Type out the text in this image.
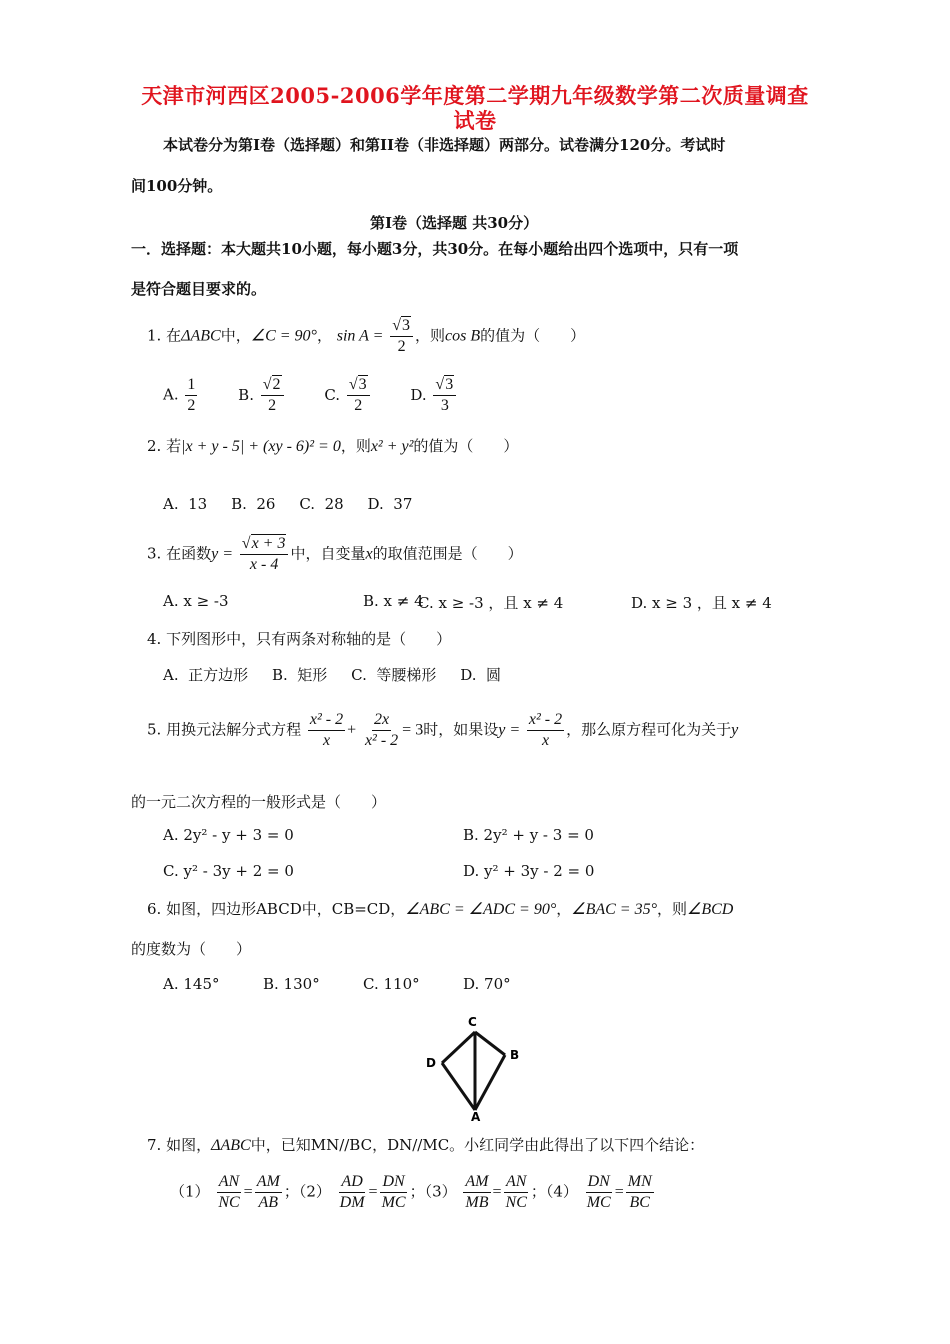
天津市河西区2005-2006学年度第二学期九年级数学第二次质量调查
试卷
本试卷分为第I卷（选择题）和第II卷（非选择题）两部分。试卷满分120分。考试时
间100分钟。
第I卷（选择题 共30分）
一．选择题：本大题共10小题，每小题3分，共30分。在每小题给出四个选项中，只有一项
是符合题目要求的。
1. 在ΔABC中，∠C = 90°， $\sin A = \frac{√3}{2}$ ，则cos B的值为（　　）
A. $\frac{1}{2}$	B. $\frac{√2}{2}$	C. $\frac{√3}{2}$	D. $\frac{√3}{3}$
2. 若|x + y - 5| + (xy - 6)² = 0，则x² + y²的值为（　　）
A.  13     B.  26     C.  28     D.  37
3. 在函数$y = \frac{√x + 3}{x - 4}$ 中，自变量x的取值范围是（　　）
A. x ≥ -3	B. x ≠ 4
C. x ≥ -3 ，且 x ≠ 4	D. x ≥ 3 ，且 x ≠ 4
4. 下列图形中，只有两条对称轴的是（　　）
A.  正方边形     B.  矩形     C.  等腰梯形     D.  圆
5. 用换元法解分式方程 $\frac{\text{x² - 2}}{x} + \frac{2x}{\text{x² - 2}} = 3$时，如果设$y = \frac{\text{x² - 2}}{x}$ ，那么原方程可化为关于y
的一元二次方程的一般形式是（　　）
A. 2y² - y + 3 = 0	B. 2y² + y - 3 = 0
C. y² - 3y + 2 = 0	D. y² + 3y - 2 = 0
6. 如图，四边形ABCD中，CB=CD，∠ABC = ∠ADC = 90°，∠BAC = 35°，则∠BCD
的度数为（　　）
A. 145°	B. 130°	C. 110°	D. 70°
C
B
D
A
7. 如图，ΔABC中，已知MN//BC，DN//MC。小红同学由此得出了以下四个结论：
$(1) \frac{AN}{NC} = \frac{AM}{AB}$ ；$(2) \frac{AD}{DM} = \frac{DN}{MC}$ ；$(3) \frac{AM}{MB} = \frac{AN}{NC}$ ；$(4) \frac{DN}{MC} = \frac{MN}{BC}$
